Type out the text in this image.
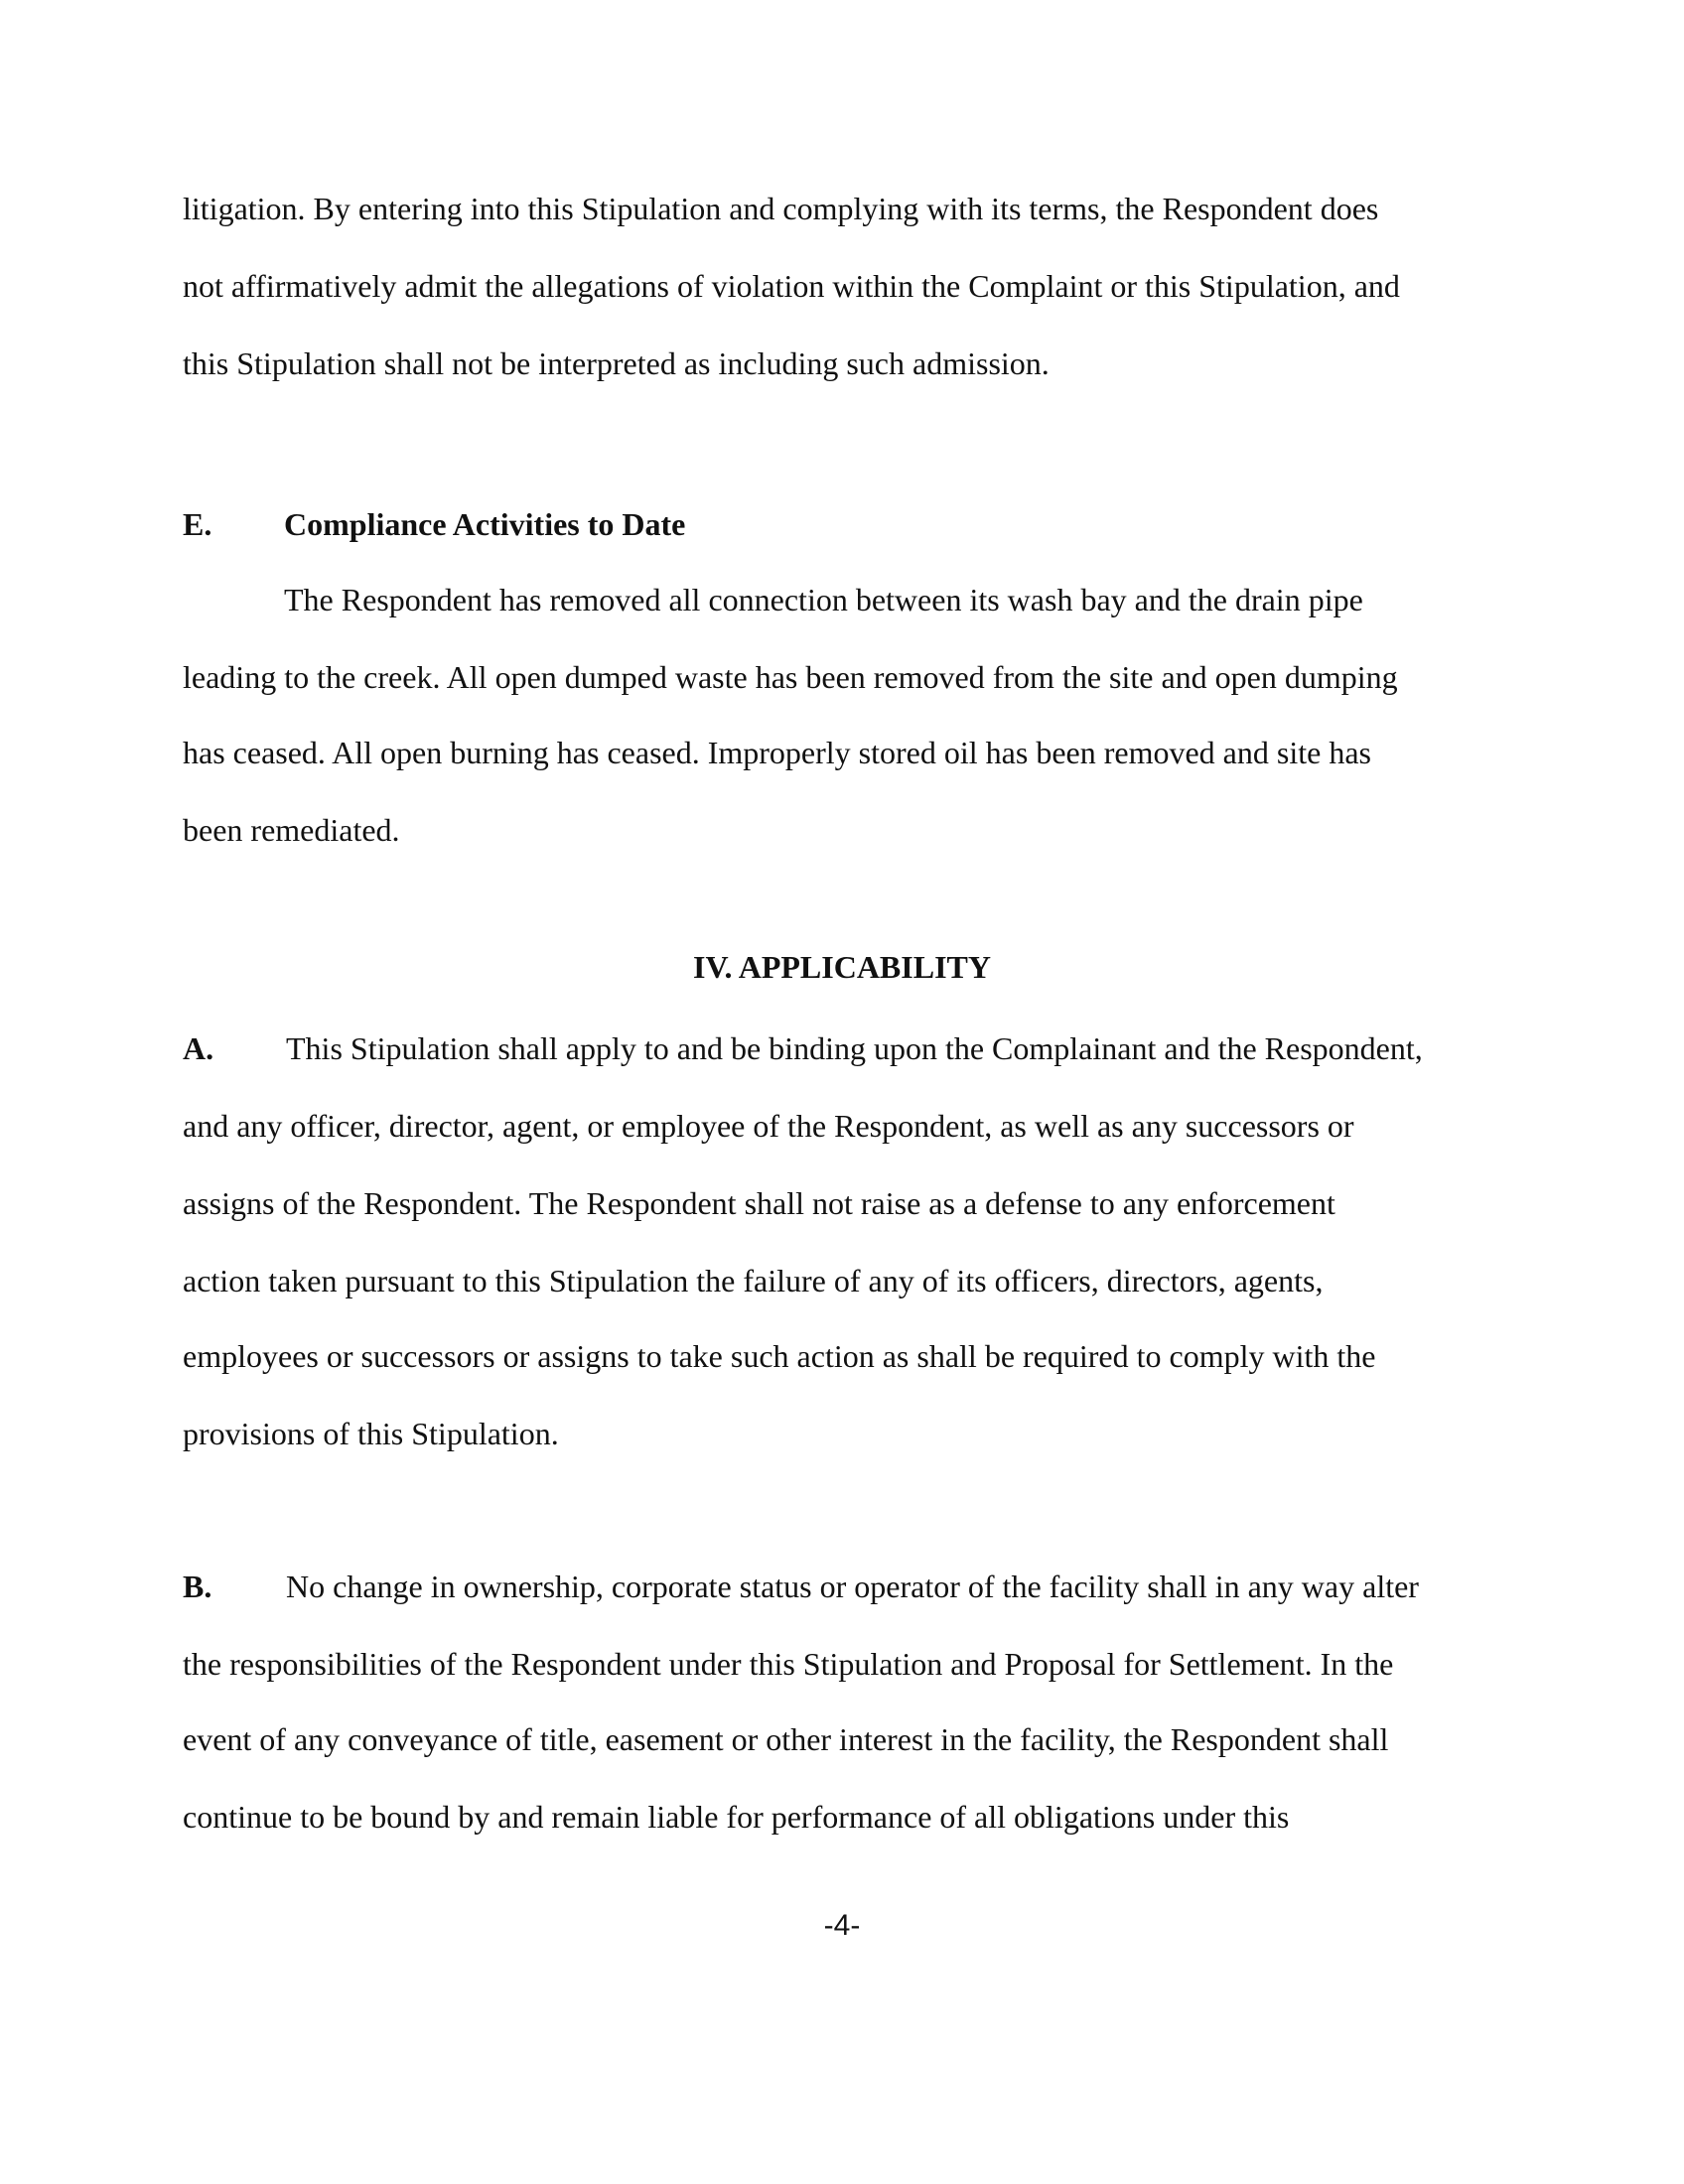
litigation. By entering into this Stipulation and complying with its terms, the Respondent does
not affirmatively admit the allegations of violation within the Complaint or this Stipulation, and
this Stipulation shall not be interpreted as including such admission.
E. Compliance Activities to Date
The Respondent has removed all connection between its wash bay and the drain pipe
leading to the creek. All open dumped waste has been removed from the site and open dumping
has ceased. All open burning has ceased. Improperly stored oil has been removed and site has
been remediated.
IV. APPLICABILITY
A. This Stipulation shall apply to and be binding upon the Complainant and the Respondent,
and any officer, director, agent, or employee of the Respondent, as well as any successors or
assigns of the Respondent. The Respondent shall not raise as a defense to any enforcement
action taken pursuant to this Stipulation the failure of any of its officers, directors, agents,
employees or successors or assigns to take such action as shall be required to comply with the
provisions of this Stipulation.
B. No change in ownership, corporate status or operator of the facility shall in any way alter
the responsibilities of the Respondent under this Stipulation and Proposal for Settlement. In the
event of any conveyance of title, easement or other interest in the facility, the Respondent shall
continue to be bound by and remain liable for performance of all obligations under this
-4-
